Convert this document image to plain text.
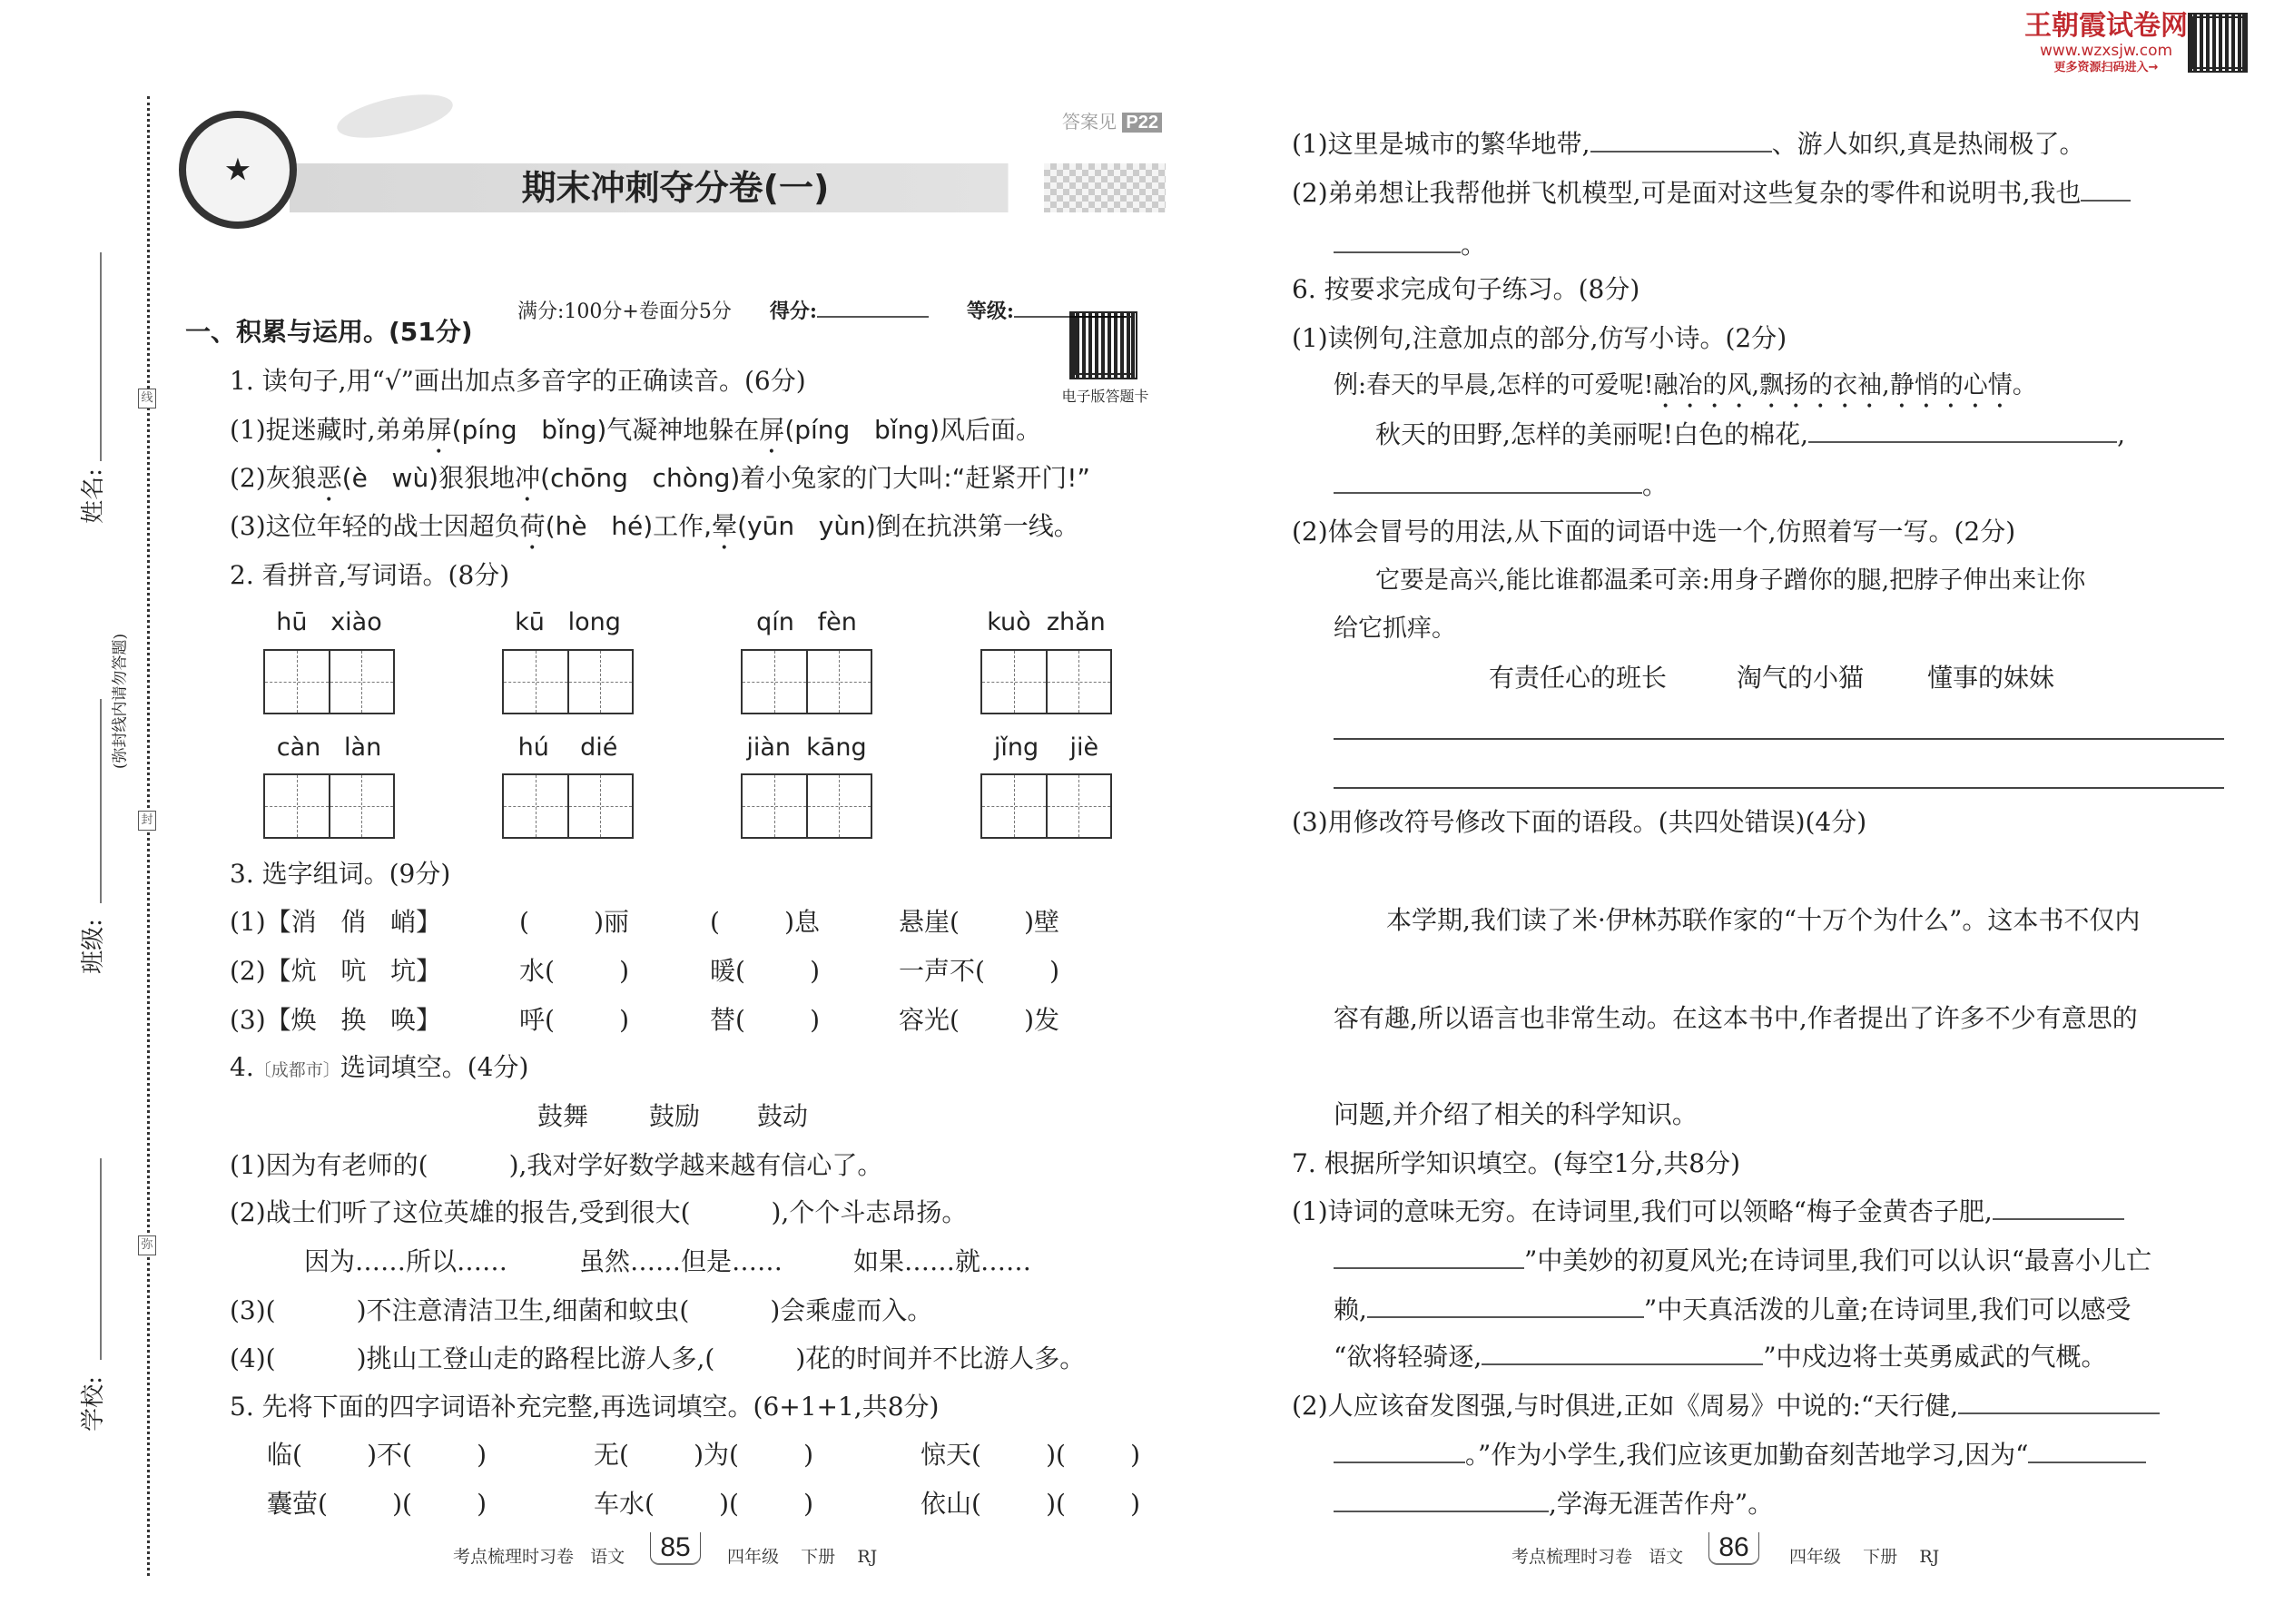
王朝霞试卷网
www.wzxsjw.com
更多资源扫码进入→
线
封
弥
姓名:
班级:
学校:
(弥封线内请勿答题)
★
答案见 P22
期末冲刺夺分卷(一)

满分:100分+卷面分5分 得分:	等级:

电子版答题卡
一、积累与运用。(51分)
1. 读句子,用“√”画出加点多音字的正确读音。(6分)
(1)捉迷藏时,弟弟屏(píng   bǐng)气凝神地躲在屏(píng   bǐng)风后面。
(2)灰狼恶(è   wù)狠狠地冲(chōng   chòng)着小兔家的门大叫:“赶紧开门!”
(3)这位年轻的战士因超负荷(hè   hé)工作,晕(yūn   yùn)倒在抗洪第一线。
2. 看拼音,写词语。(8分)
hū   xiào	kū   long	qín   fèn	kuò  zhǎn
càn   làn	hú    dié	jiàn  kāng	jǐng    jiè
3. 选字组词。(9分)
(1)【消   俏   峭】	(        )丽	(        )息	悬崖(        )壁
(2)【炕   吭   坑】	水(        )	暖(        )	一声不(        )
(3)【焕   换   唤】	呼(        )	替(        )	容光(        )发
4.〔成都市〕选词填空。(4分)
鼓舞 鼓励 鼓动
(1)因为有老师的(          ),我对学好数学越来越有信心了。
(2)战士们听了这位英雄的报告,受到很大(          ),个个斗志昂扬。
因为……所以……	虽然……但是……	如果……就……
(3)(          )不注意清洁卫生,细菌和蚊虫(          )会乘虚而入。
(4)(          )挑山工登山走的路程比游人多,(          )花的时间并不比游人多。
5. 先将下面的四字词语补充完整,再选词填空。(6+1+1,共8分)
临(        )不(        )	无(        )为(        )	惊天(        )(        )
囊萤(        )(        )	车水(        )(        )	依山(        )(        )
考点梳理时习卷   语文	85	四年级    下册    RJ
(1)这里是城市的繁华地带,	、游人如织,真是热闹极了。
(2)弟弟想让我帮他拼飞机模型,可是面对这些复杂的零件和说明书,我也
。
6. 按要求完成句子练习。(8分)
(1)读例句,注意加点的部分,仿写小诗。(2分)
例:春天的早晨,怎样的可爱呢!融冶的风,飘扬的衣袖,静悄的心情。
秋天的田野,怎样的美丽呢!白色的棉花,	,
。
(2)体会冒号的用法,从下面的词语中选一个,仿照着写一写。(2分)
它要是高兴,能比谁都温柔可亲:用身子蹭你的腿,把脖子伸出来让你
给它抓痒。
有责任心的班长	淘气的小猫 懂事的妹妹
(3)用修改符号修改下面的语段。(共四处错误)(4分)
本学期,我们读了米·伊林苏联作家的“十万个为什么”。这本书不仅内
容有趣,所以语言也非常生动。在这本书中,作者提出了许多不少有意思的
问题,并介绍了相关的科学知识。
7. 根据所学知识填空。(每空1分,共8分)
(1)诗词的意味无穷。在诗词里,我们可以领略“梅子金黄杏子肥,
”中美妙的初夏风光;在诗词里,我们可以认识“最喜小儿亡
赖,	”中天真活泼的儿童;在诗词里,我们可以感受
“欲将轻骑逐,	”中戍边将士英勇威武的气概。
(2)人应该奋发图强,与时俱进,正如《周易》中说的:“天行健,
。”作为小学生,我们应该更加勤奋刻苦地学习,因为“
,学海无涯苦作舟”。
考点梳理时习卷   语文	86	四年级    下册    RJ
